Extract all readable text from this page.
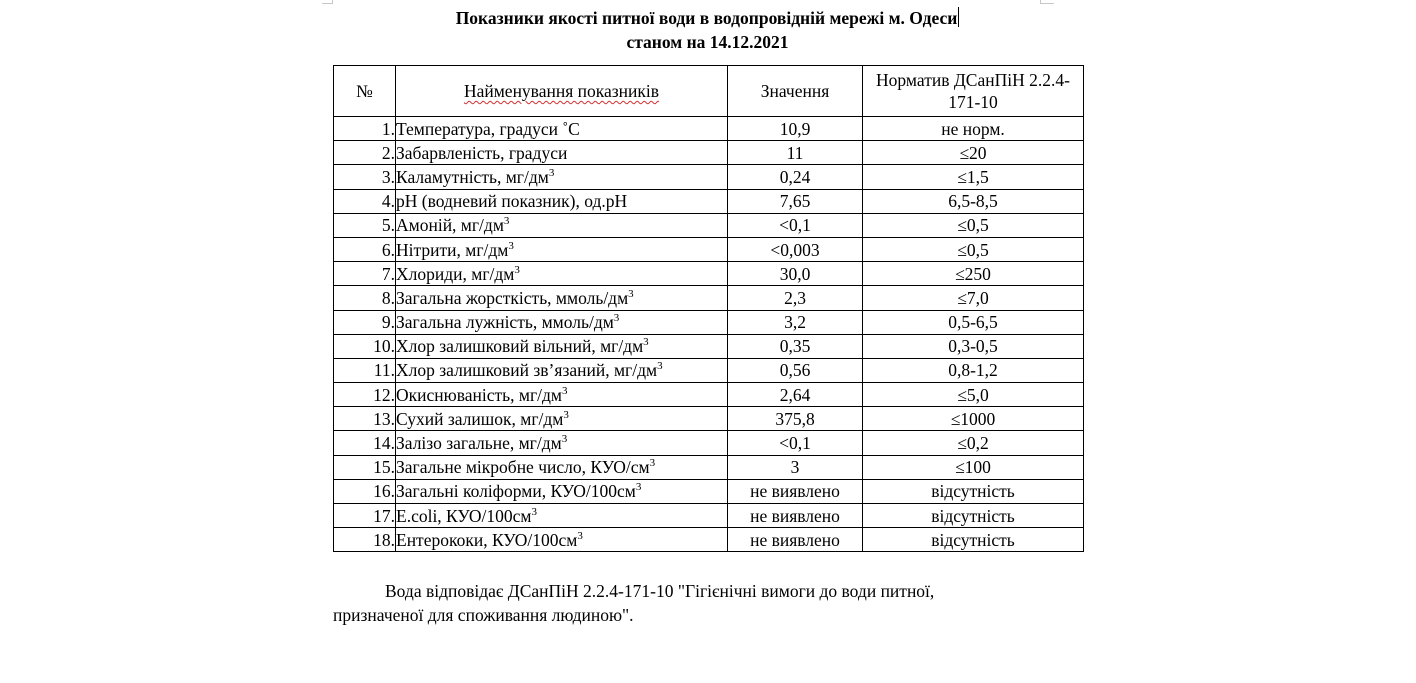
Показники якості питної води в водопровідній мережі м. Одеси
станом на 14.12.2021
№	Найменування показників	Значення	Норматив ДСанПіН 2.2.4-171-10
1.	Температура, градуси ˚С	10,9	не норм.
2.	Забарвленість, градуси	11	≤20
3.	Каламутність, $мг/дм^3$	0,24	≤1,5
4.	рН (водневий показник), од.рН	7,65	6,5-8,5
5.	Амоній, $мг/дм^3$	<0,1	≤0,5
6.	Нітрити, $мг/дм^3$	<0,003	≤0,5
7.	Хлориди, $мг/дм^3$	30,0	≤250
8.	Загальна жорсткість, ммоль/$дм^3$	2,3	≤7,0
9.	Загальна лужність, ммоль/$дм^3$	3,2	0,5-6,5
10.	Хлор залишковий вільний, $мг/дм^3$	0,35	0,3-0,5
11.	Хлор залишковий зв’язаний, $мг/дм^3$	0,56	0,8-1,2
12.	Окиснюваність, $мг/дм^3$	2,64	≤5,0
13.	Сухий залишок, $мг/дм^3$	375,8	≤1000
14.	Залізо загальне, $мг/дм^3$	<0,1	≤0,2
15.	Загальне мікробне число, КУО/$см^3$	3	≤100
16.	Загальні коліформи, КУО/$100см^3$	не виявлено	відсутність
17.	E.coli, КУО/$100см^3$	не виявлено	відсутність
18.	Ентерококи, КУО/$100см^3$	не виявлено	відсутність
Вода відповідає ДСанПіН 2.2.4-171-10 "Гігієнічні вимоги до води питної,
призначеної для споживання людиною".
